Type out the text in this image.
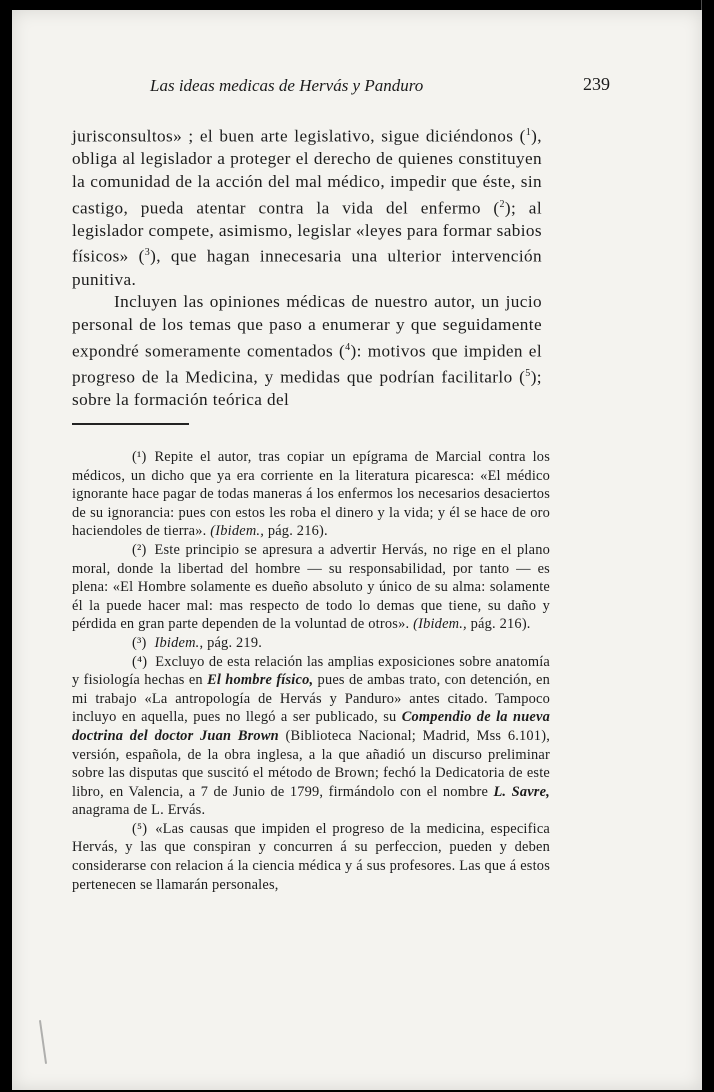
Las ideas medicas de Hervás y Panduro	239

jurisconsultos» ; el buen arte legislativo, sigue diciéndonos ($^1$), obliga al legislador a proteger el derecho de quienes constituyen la comunidad de la acción del mal médico, impedir que éste, sin castigo, pueda atentar contra la vida del enfermo ($^2$); al legislador compete, asimismo, legislar «leyes para formar sabios físicos» ($^3$), que hagan innecesaria una ulterior intervención punitiva.

Incluyen las opiniones médicas de nuestro autor, un jucio personal de los temas que paso a enumerar y que seguidamente expondré someramente comentados ($^4$): motivos que impiden el progreso de la Medicina, y medidas que podrían facilitarlo ($^5$); sobre la formación teórica del

(¹) Repite el autor, tras copiar un epígrama de Marcial contra los médicos, un dicho que ya era corriente en la literatura picaresca: «El médico ignorante hace pagar de todas maneras á los enfermos los necesarios desaciertos de su ignorancia: pues con estos les roba el dinero y la vida; y él se hace de oro haciendoles de tierra». (Ibidem., pág. 216).

(²) Este principio se apresura a advertir Hervás, no rige en el plano moral, donde la libertad del hombre — su responsabilidad, por tanto — es plena: «El Hombre solamente es dueño absoluto y único de su alma: solamente él la puede hacer mal: mas respecto de todo lo demas que tiene, su daño y pérdida en gran parte dependen de la voluntad de otros». (Ibidem., pág. 216).

(³) Ibidem., pág. 219.

(⁴) Excluyo de esta relación las amplias exposiciones sobre anatomía y fisiología hechas en El hombre físico, pues de ambas trato, con detención, en mi trabajo «La antropología de Hervás y Panduro» antes citado. Tampoco incluyo en aquella, pues no llegó a ser publicado, su Compendio de la nueva doctrina del doctor Juan Brown (Biblioteca Nacional; Madrid, Mss 6.101), versión, española, de la obra inglesa, a la que añadió un discurso preliminar sobre las disputas que suscitó el método de Brown; fechó la Dedicatoria de este libro, en Valencia, a 7 de Junio de 1799, firmándolo con el nombre L. Savre, anagrama de L. Ervás.

(⁵) «Las causas que impiden el progreso de la medicina, especifica Hervás, y las que conspiran y concurren á su perfeccion, pueden y deben considerarse con relacion á la ciencia médica y á sus profesores. Las que á estos pertenecen se llamarán personales,
